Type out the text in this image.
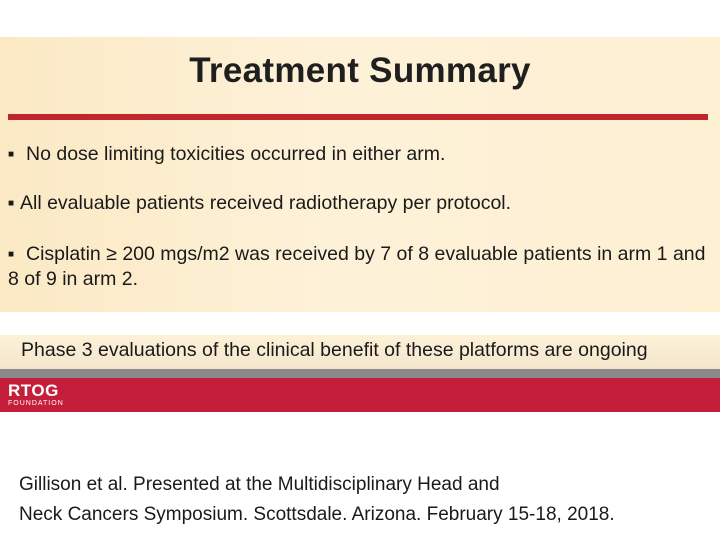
Treatment Summary
■ No dose limiting toxicities occurred in either arm.
■ All evaluable patients received radiotherapy per protocol.
■ Cisplatin ≥ 200 mgs/m2 was received by 7 of 8 evaluable patients in arm 1 and 8 of 9 in arm 2.
Phase 3 evaluations of the clinical benefit of these platforms are ongoing
RTOG
FOUNDATION
Gillison et al. Presented at the Multidisciplinary Head and
Neck Cancers Symposium. Scottsdale. Arizona. February 15-18, 2018.
